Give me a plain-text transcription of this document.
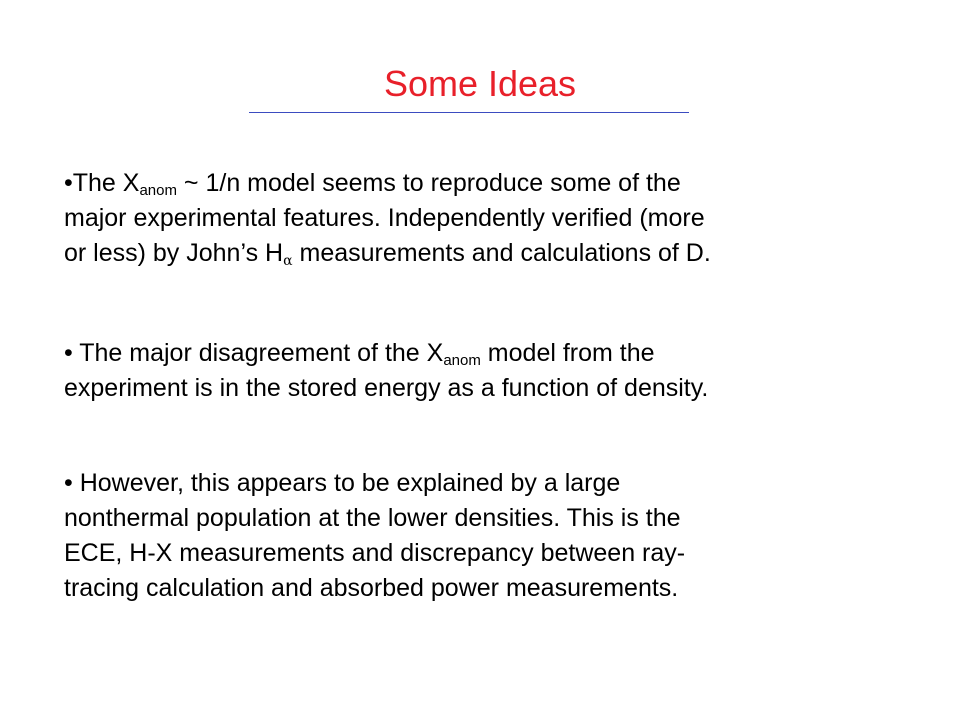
Some Ideas

•The $X_{anom}$ ~ 1/n model seems to reproduce some of the
major experimental features. Independently verified (more
or less) by John’s $H_\alpha$ measurements and calculations of D.

• The major disagreement of the $X_{anom}$ model from the
experiment is in the stored energy as a function of density.

• However, this appears to be explained by a large
nonthermal population at the lower densities. This is the
ECE, H-X measurements and discrepancy between ray-
tracing calculation and absorbed power measurements.
